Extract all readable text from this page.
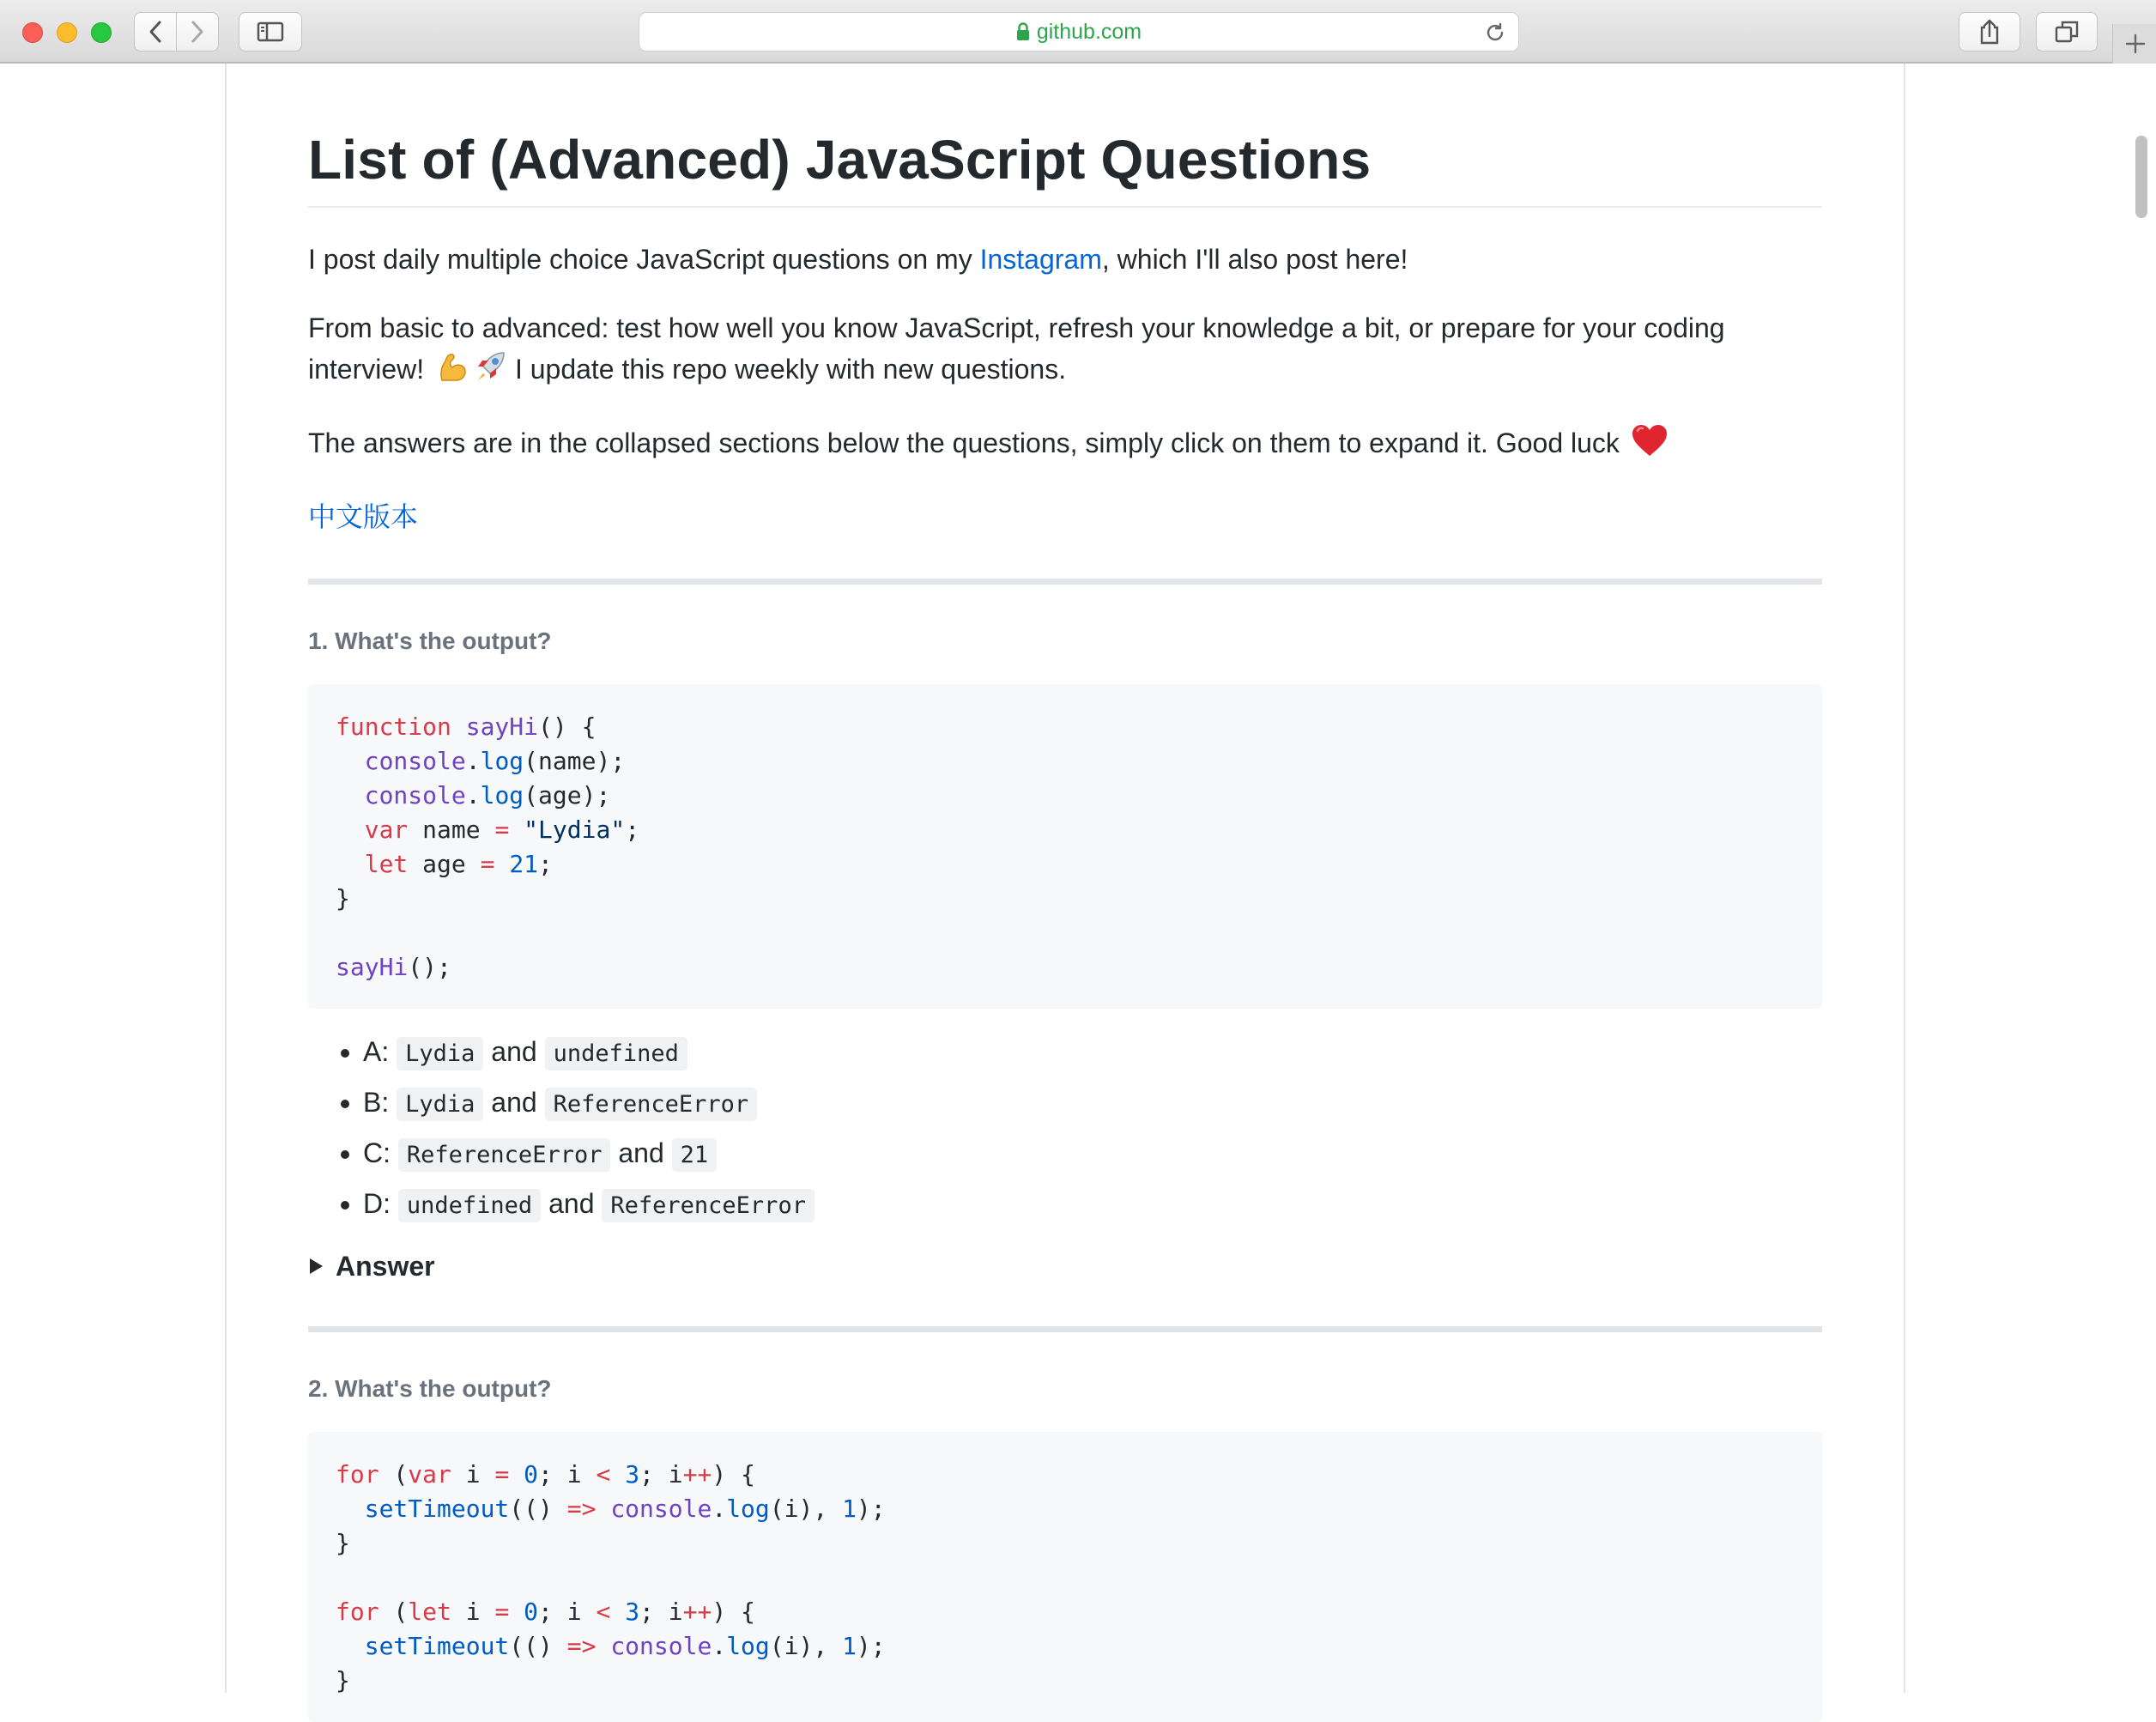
github.com
List of (Advanced) JavaScript Questions

I post daily multiple choice JavaScript questions on my Instagram, which I'll also post here!

From basic to advanced: test how well you know JavaScript, refresh your knowledge a bit, or prepare for your coding interview!	I update this repo weekly with new questions.

The answers are in the collapsed sections below the questions, simply click on them to expand it. Good luck

中文版本

1. What's the output?
function sayHi() {
console.log(name);
console.log(age);
var name = "Lydia";
let age = 21;
}
sayHi();
• A: Lydia and undefined
• B: Lydia and ReferenceError
• C: ReferenceError and 21
• D: undefined and ReferenceError
Answer
2. What's the output?
for (var i = 0; i < 3; i++) {
setTimeout(() => console.log(i), 1);
}
for (let i = 0; i < 3; i++) {
setTimeout(() => console.log(i), 1);
}
